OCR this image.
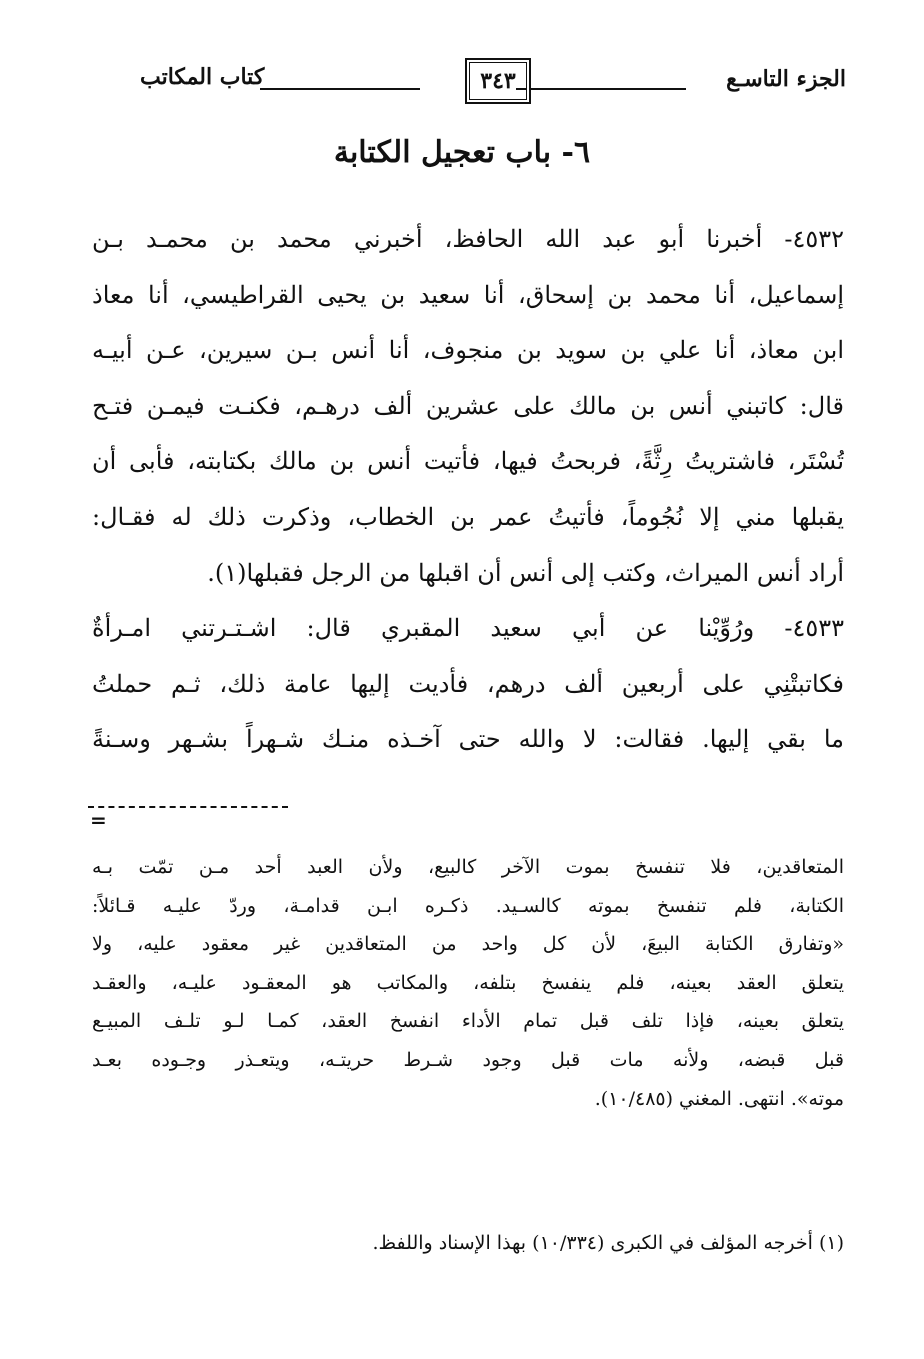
الجزء التاسـع
٣٤٣
كتاب المكاتب
٦- باب تعجيل الكتابة
٤٥٣٢- أخبرنا أبو عبد الله الحافظ، أخبرني محمد بن محمـد بـن
إسماعيل، أنا محمد بن إسحاق، أنا سعيد بن يحيى القراطيسي، أنا معاذ
ابن معاذ، أنا علي بن سويد بن منجوف، أنا أنس بـن سيرين، عـن أبيـه
قال: كاتبني أنس بن مالك على عشرين ألف درهـم، فكنـت فيمـن فتـح
تُسْتَر، فاشتريتُ رِثَّةً، فربحتُ فيها، فأتيت أنس بن مالك بكتابته، فأبى أن
يقبلها مني إلا نُجُوماً، فأتيتُ عمر بن الخطاب، وذكرت ذلك له فقـال:
أراد أنس الميراث، وكتب إلى أنس أن اقبلها من الرجل فقبلها(١).
٤٥٣٣- ورُوِّيْنا عن أبي سعيد المقبري قال: اشـتـرتني امـرأةٌ
فكاتبتْنِي على أربعين ألف درهم، فأديت إليها عامة ذلك، ثـم حملتُ
ما بقي إليها. فقالت: لا والله حتى آخـذه منـك شـهراً بشـهر وسـنةً
=
المتعاقدين، فلا تنفسخ بموت الآخر كالبيع، ولأن العبد أحد مـن تمّت بـه
الكتابة، فلم تنفسخ بموته كالسـيد. ذكـره ابـن قدامـة، وردّ عليـه قـائلاً:
«وتفارق الكتابة البيعَ، لأن كل واحد من المتعاقدين غير معقود عليه، ولا
يتعلق العقد بعينه، فلم ينفسخ بتلفه، والمكاتب هو المعقـود عليـه، والعقـد
يتعلق بعينه، فإذا تلف قبل تمام الأداء انفسخ العقد، كمـا لـو تلـف المبيـع
قبل قبضه، ولأنه مات قبل وجود شـرط حريتـه، ويتعـذر وجـوده بعـد
موته». انتهى. المغني (١٠/٤٨٥).
(١) أخرجه المؤلف في الكبرى (١٠/٣٣٤) بهذا الإسناد واللفظ.
